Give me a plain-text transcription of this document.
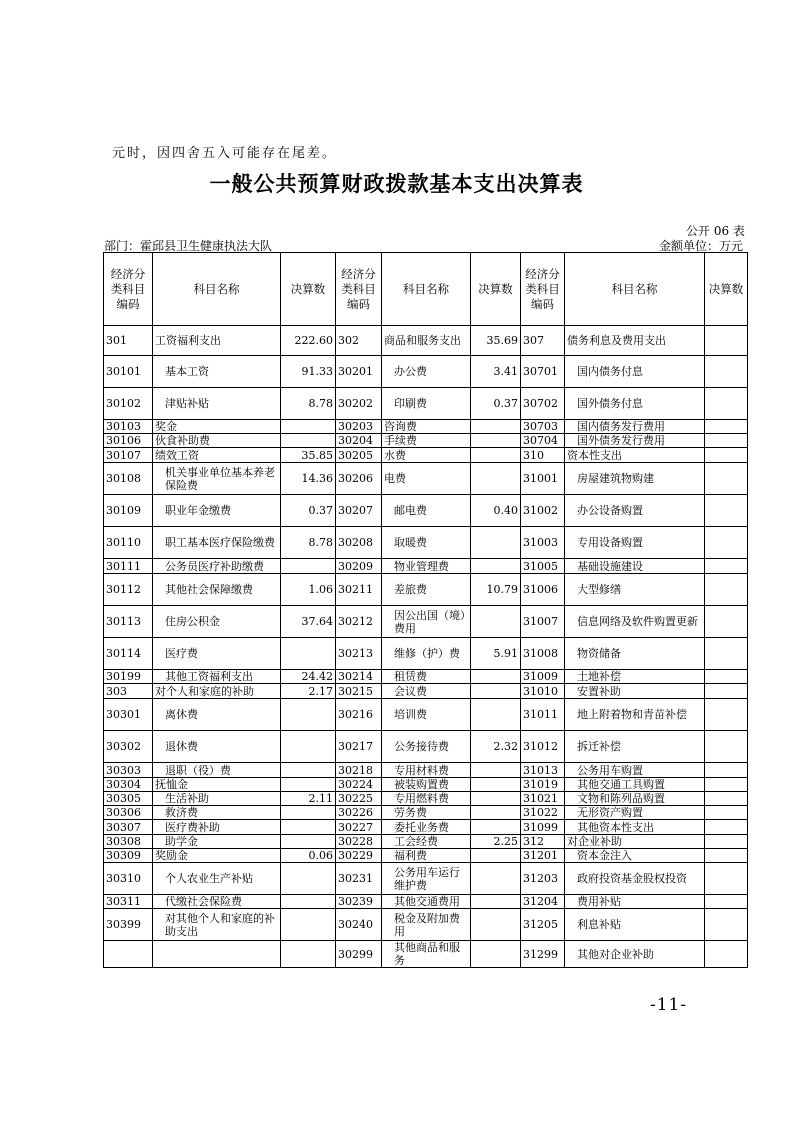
元时，因四舍五入可能存在尾差。
一般公共预算财政拨款基本支出决算表
公开 06 表
部门：霍邱县卫生健康执法大队	金额单位：万元
经济分类科目编码	科目名称	决算数	经济分类科目编码	科目名称	决算数	经济分类科目编码	科目名称	决算数
301	工资福利支出	222.60	302	商品和服务支出	35.69	307	债务利息及费用支出	
30101	基本工资	91.33	30201	办公费	3.41	30701	国内债务付息	
30102	津贴补贴	8.78	30202	印刷费	0.37	30702	国外债务付息	
30103	奖金		30203	咨询费		30703	国内债务发行费用	
30106	伙食补助费		30204	手续费		30704	国外债务发行费用	
30107	绩效工资	35.85	30205	水费		310	资本性支出	
30108	机关事业单位基本养老保险费	14.36	30206	电费		31001	房屋建筑物购建	
30109	职业年金缴费	0.37	30207	邮电费	0.40	31002	办公设备购置	
30110	职工基本医疗保险缴费	8.78	30208	取暖费		31003	专用设备购置	
30111	公务员医疗补助缴费		30209	物业管理费		31005	基础设施建设	
30112	其他社会保障缴费	1.06	30211	差旅费	10.79	31006	大型修缮	
30113	住房公积金	37.64	30212	因公出国（境）费用		31007	信息网络及软件购置更新	
30114	医疗费		30213	维修（护）费	5.91	31008	物资储备	
30199	其他工资福利支出	24.42	30214	租赁费		31009	土地补偿	
303	对个人和家庭的补助	2.17	30215	会议费		31010	安置补助	
30301	离休费		30216	培训费		31011	地上附着物和青苗补偿	
30302	退休费		30217	公务接待费	2.32	31012	拆迁补偿	
30303	退职（役）费		30218	专用材料费		31013	公务用车购置	
30304	抚恤金		30224	被装购置费		31019	其他交通工具购置	
30305	生活补助	2.11	30225	专用燃料费		31021	文物和陈列品购置	
30306	救济费		30226	劳务费		31022	无形资产购置	
30307	医疗费补助		30227	委托业务费		31099	其他资本性支出	
30308	助学金		30228	工会经费	2.25	312	对企业补助	
30309	奖励金	0.06	30229	福利费		31201	资本金注入	
30310	个人农业生产补贴		30231	公务用车运行维护费		31203	政府投资基金股权投资	
30311	代缴社会保险费		30239	其他交通费用		31204	费用补贴	
30399	对其他个人和家庭的补助支出		30240	税金及附加费用		31205	利息补贴	
			30299	其他商品和服务		31299	其他对企业补助	
-11-
